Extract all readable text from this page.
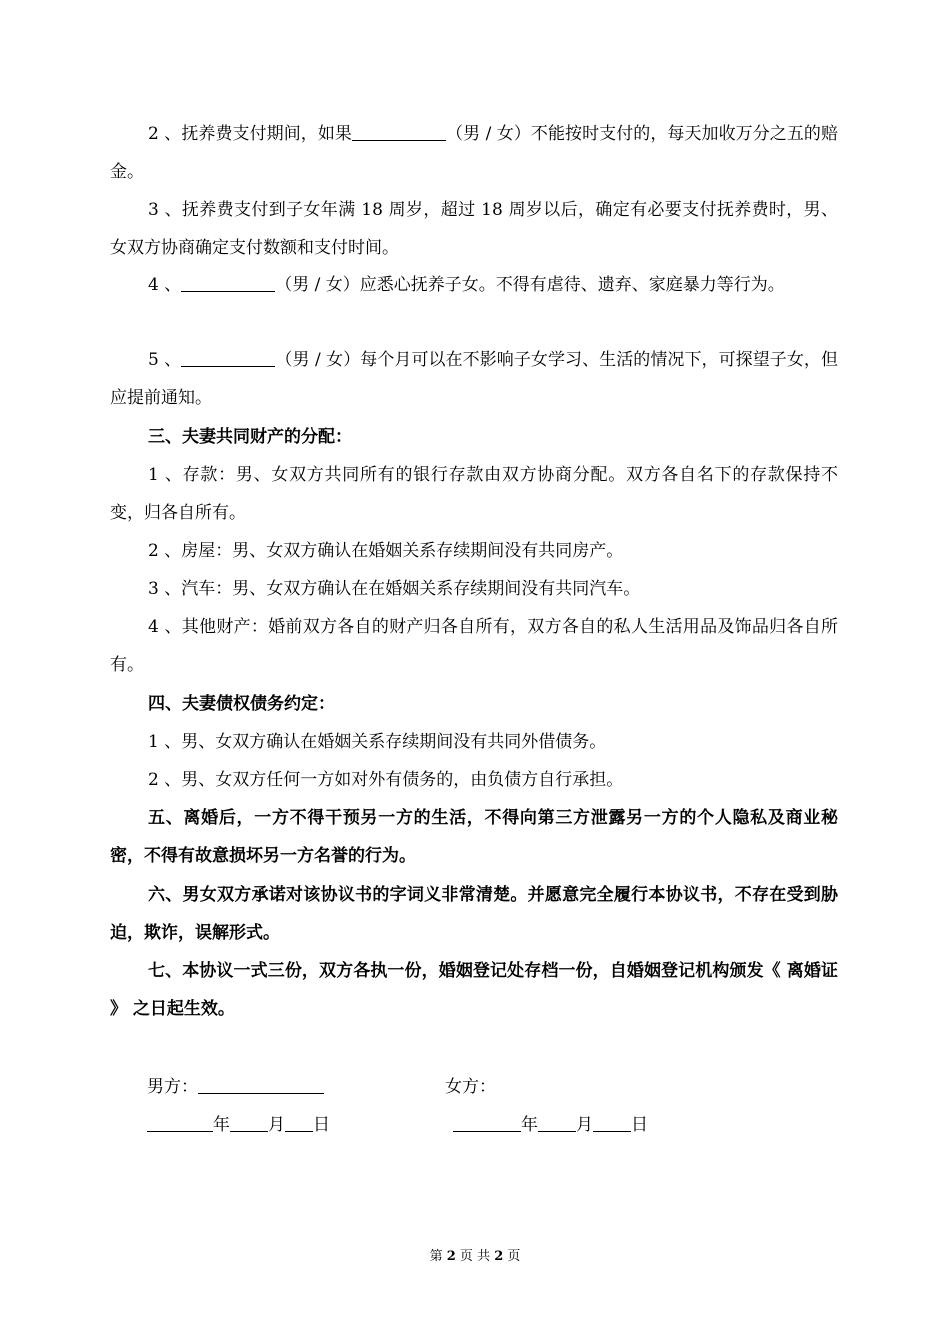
2 、抚养费支付期间，如果	（男 / 女）不能按时支付的，每天加收万分之五的赔金。

3 、抚养费支付到子女年满 18 周岁，超过 18 周岁以后，确定有必要支付抚养费时，男、女双方协商确定支付数额和支付时间。

4 、	（男 / 女）应悉心抚养子女。不得有虐待、遗弃、家庭暴力等行为。

5 、	（男 / 女）每个月可以在不影响子女学习、生活的情况下，可探望子女，但应提前通知。

三、夫妻共同财产的分配：

1 、存款：男、女双方共同所有的银行存款由双方协商分配。双方各自名下的存款保持不变，归各自所有。

2 、房屋：男、女双方确认在婚姻关系存续期间没有共同房产。

3 、汽车：男、女双方确认在在婚姻关系存续期间没有共同汽车。

4 、其他财产：婚前双方各自的财产归各自所有，双方各自的私人生活用品及饰品归各自所有。

四、夫妻债权债务约定：

1 、男、女双方确认在婚姻关系存续期间没有共同外借债务。

2 、男、女双方任何一方如对外有债务的，由负债方自行承担。

五、离婚后，一方不得干预另一方的生活，不得向第三方泄露另一方的个人隐私及商业秘密，不得有故意损坏另一方名誉的行为。

六、男女双方承诺对该协议书的字词义非常清楚。并愿意完全履行本协议书，不存在受到胁迫，欺诈，误解形式。

七、本协议一式三份，双方各执一份，婚姻登记处存档一份，自婚姻登记机构颁发《 离婚证 》 之日起生效。

男方：	女方：
年 月 日	年 月 日
第 2 页 共 2 页
